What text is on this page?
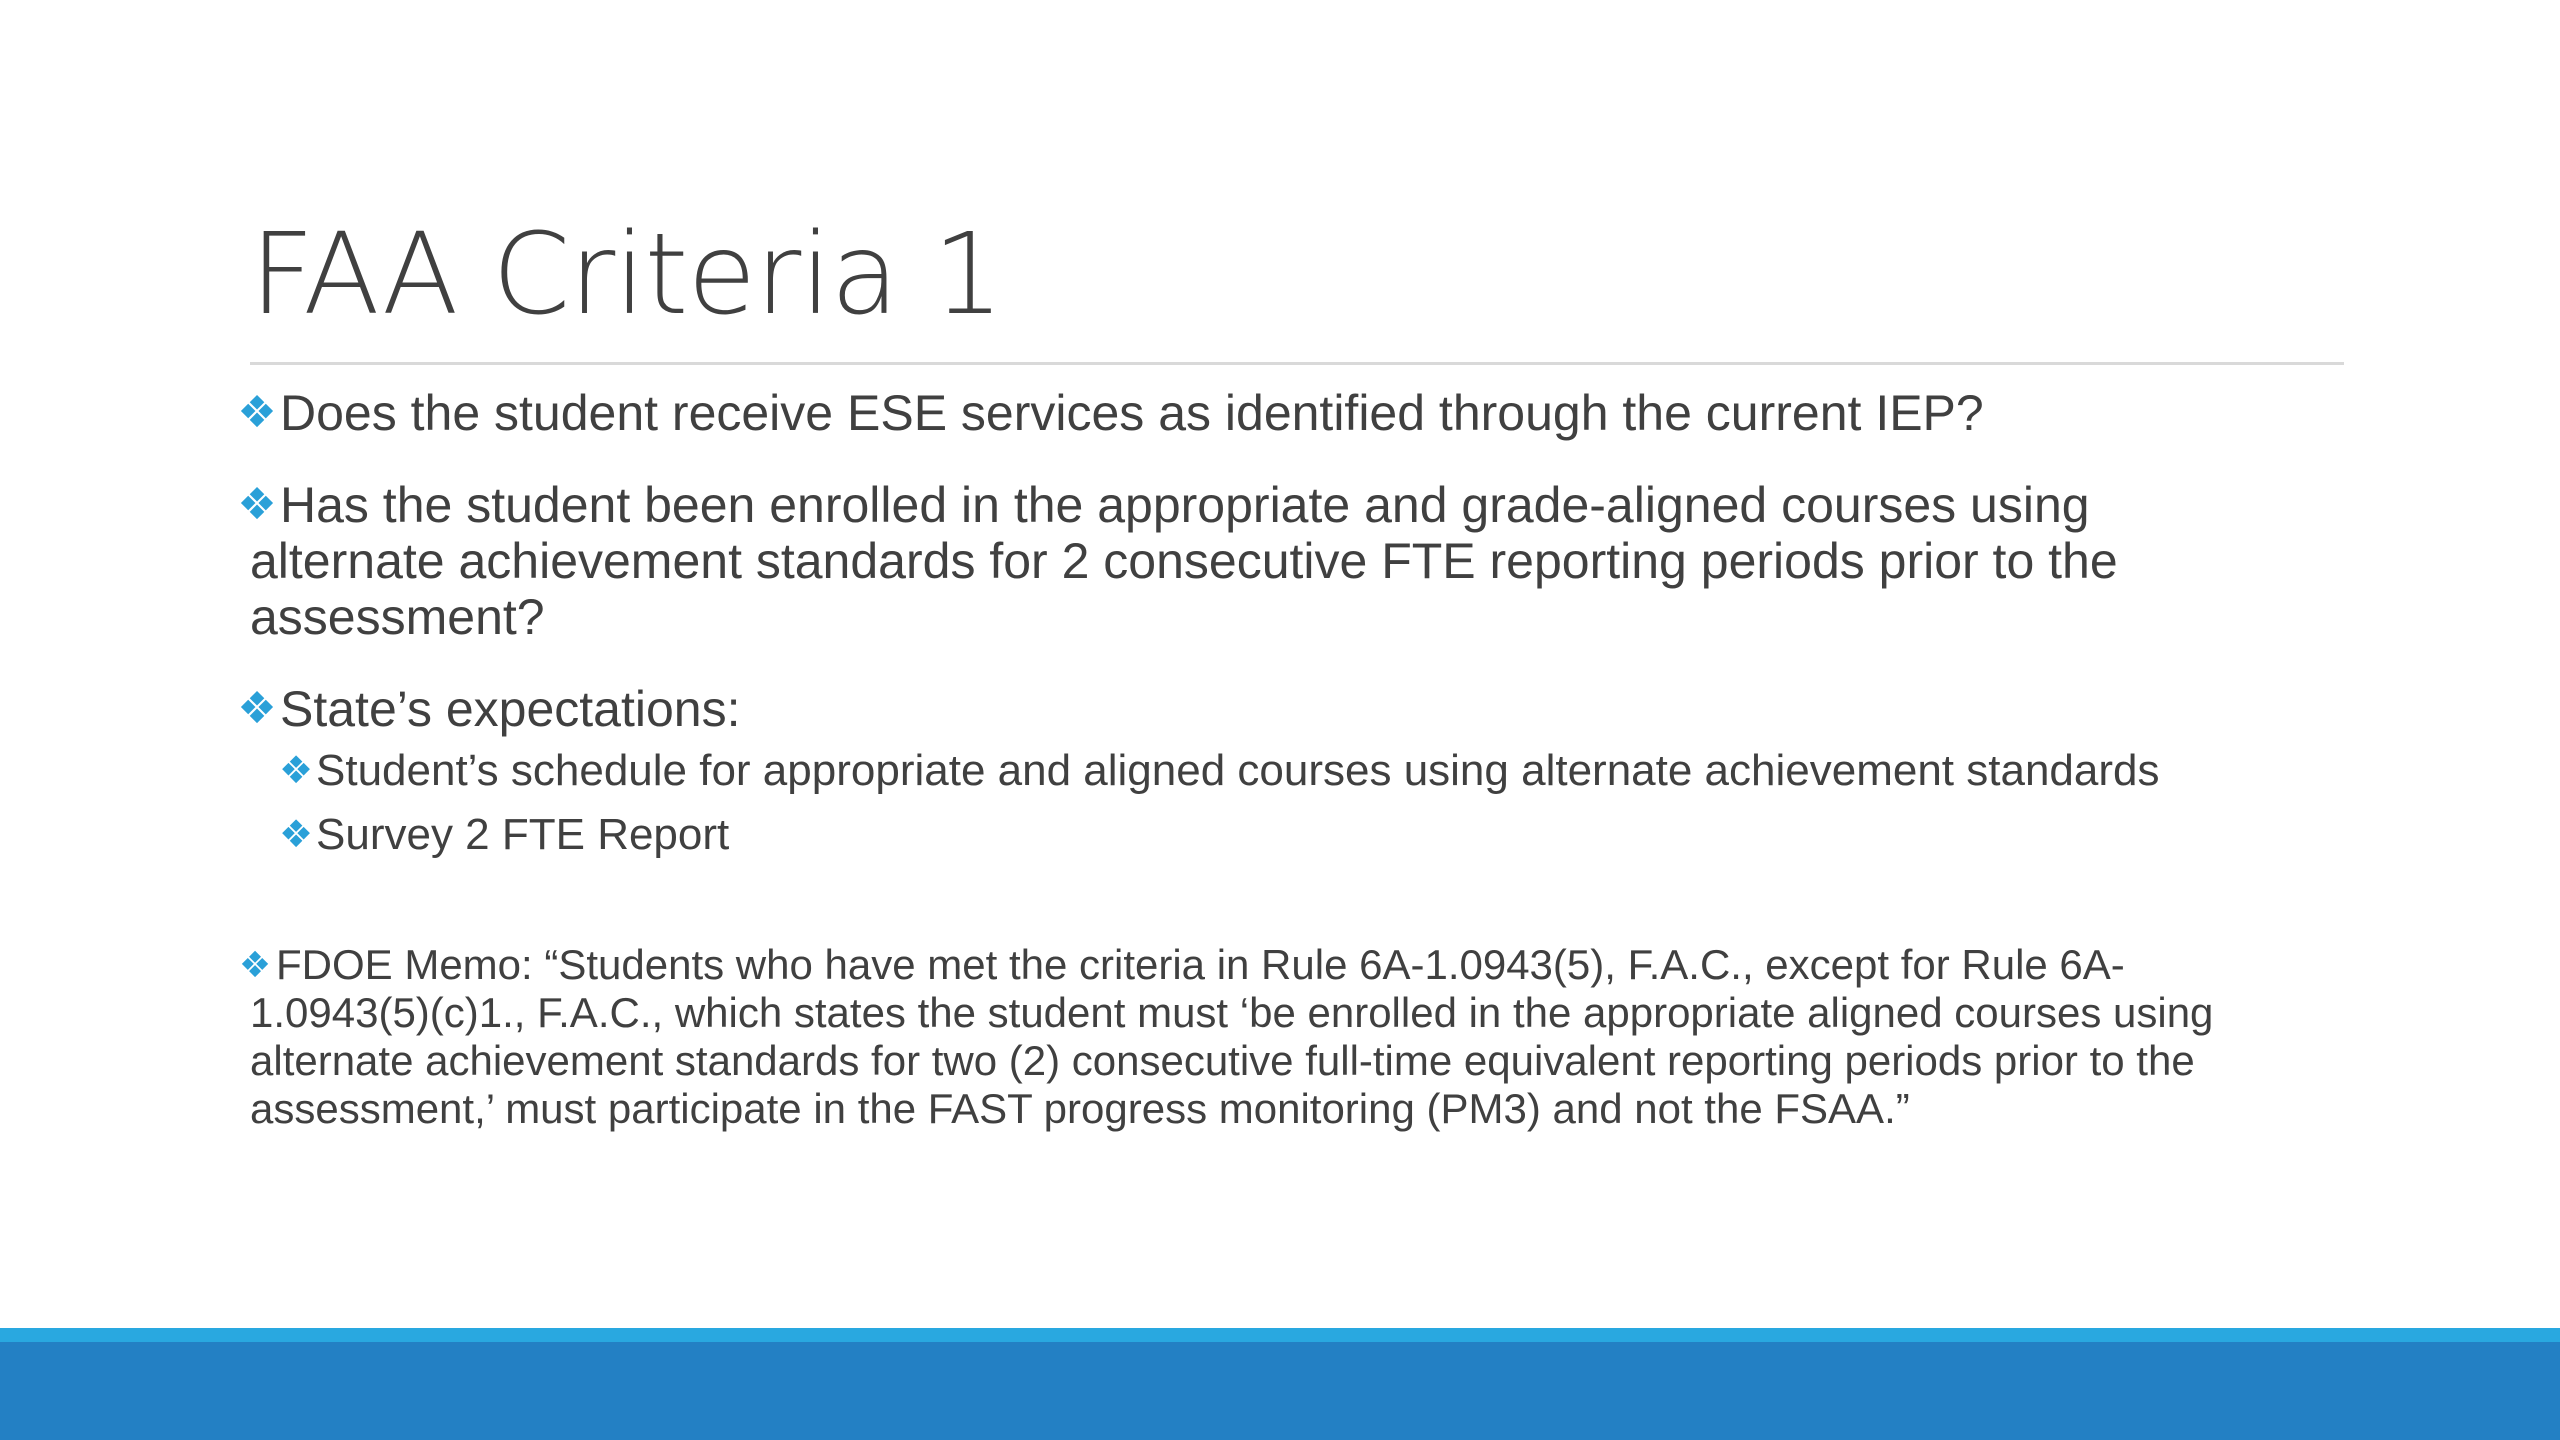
FAA Criteria 1
❖Does the student receive ESE services as identified through the current IEP?
❖Has the student been enrolled in the appropriate and grade-aligned courses using
alternate achievement standards for 2 consecutive FTE reporting periods prior to the assessment?
❖State’s expectations:
❖Student’s schedule for appropriate and aligned courses using alternate achievement standards
❖Survey 2 FTE Report
❖ FDOE Memo: “Students who have met the criteria in Rule 6A-1.0943(5), F.A.C., except for Rule 6A-
1.0943(5)(c)1., F.A.C., which states the student must ‘be enrolled in the appropriate aligned courses using alternate achievement standards for two (2) consecutive full-time equivalent reporting periods prior to the assessment,’ must participate in the FAST progress monitoring (PM3) and not the FSAA.”
